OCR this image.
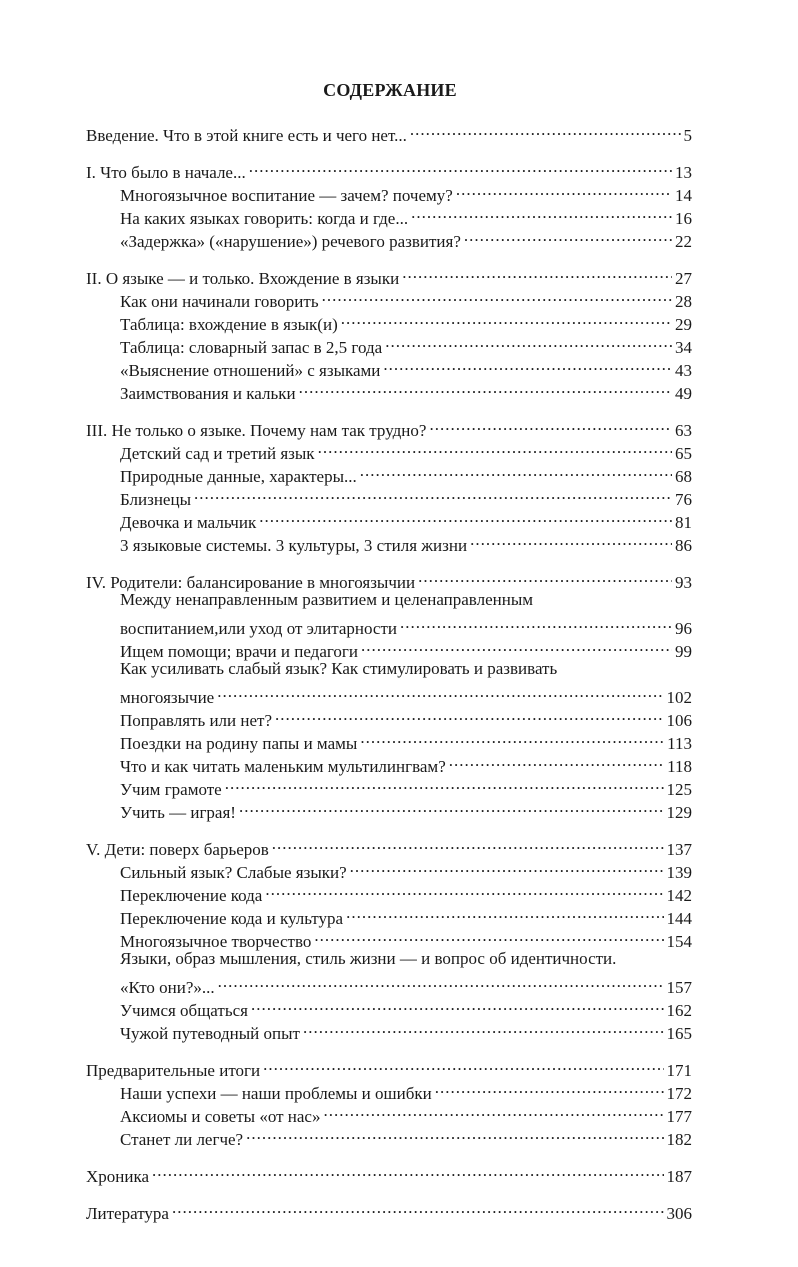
СОДЕРЖАНИЕ
Введение. Что в этой книге есть и чего нет... .....	5
I. Что было в начале... .....	13
Многоязычное воспитание — зачем? почему? .....	14
На каких языках говорить: когда и где... .....	16
«Задержка» («нарушение») речевого развития? .....	22
II. О языке — и только. Вхождение в языки .....	27
Как они начинали говорить .....	28
Таблица: вхождение в язык(и) .....	29
Таблица: словарный запас в 2,5 года .....	34
«Выяснение отношений» с языками .....	43
Заимствования и кальки .....	49
III. Не только о языке. Почему нам так трудно? .....	63
Детский сад и третий язык .....	65
Природные данные, характеры... .....	68
Близнецы .....	76
Девочка и мальчик .....	81
3 языковые системы. 3 культуры, 3 стиля жизни .....	86
IV. Родители: балансирование в многоязычии .....	93
Между ненаправленным развитием и целенаправленным
воспитанием,или уход от элитарности .....	96
Ищем помощи; врачи и педагоги .....	99
Как усиливать слабый язык? Как стимулировать и развивать
многоязычие .....	102
Поправлять или нет? .....	106
Поездки на родину папы и мамы .....	113
Что и как читать маленьким мультилингвам? .....	118
Учим грамоте .....	125
Учить — играя! .....	129
V. Дети: поверх барьеров .....	137
Сильный язык? Слабые языки? .....	139
Переключение кода .....	142
Переключение кода и культура .....	144
Многоязычное творчество .....	154
Языки, образ мышления, стиль жизни — и вопрос об идентичности.
«Кто они?»... .....	157
Учимся общаться .....	162
Чужой путеводный опыт .....	165
Предварительные итоги .....	171
Наши успехи — наши проблемы и ошибки .....	172
Аксиомы и советы «от нас» .....	177
Станет ли легче? .....	182
Хроника .....	187
Литература .....	306
